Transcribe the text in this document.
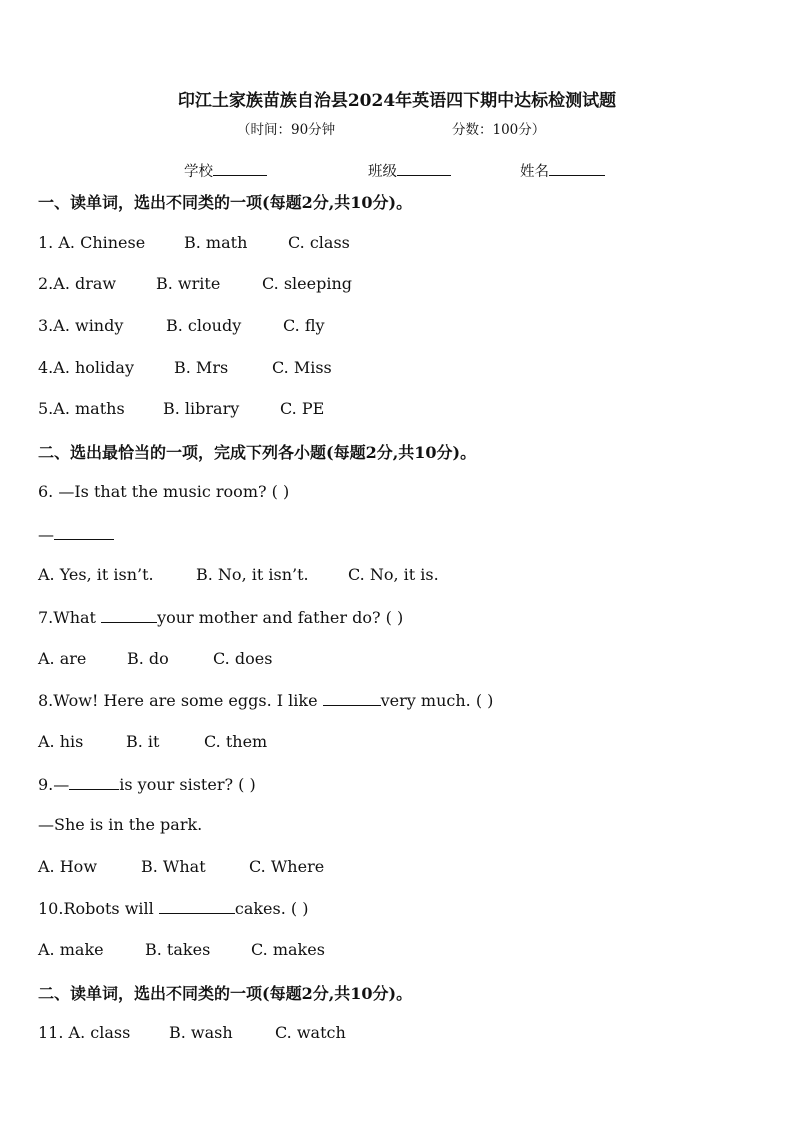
印江土家族苗族自治县2024年英语四下期中达标检测试题
（时间：90分钟	分数：100分）
学校	班级	姓名
一、读单词，选出不同类的一项(每题2分,共10分)。
1. A. Chinese B. math	C. class
2.A. draw B. write	C. sleeping
3.A. windy	B. cloudy	C. fly
4.A. holiday	B. Mrs	C. Miss
5.A. maths B. library	C. PE
二、选出最恰当的一项，完成下列各小题(每题2分,共10分)。
6. —Is that the music room? ( )
—
A. Yes, it isn’t.	B. No, it isn’t. C. No, it is.
7.What	your mother and father do? ( )
A. are	B. do	C. does
8.Wow! Here are some eggs. I like	very much. ( )
A. his	B. it	C. them
9.—	is your sister? ( )
—She is in the park.
A. How	B. What	C. Where
10.Robots will	cakes. ( )
A. make	B. takes	C. makes
二、读单词，选出不同类的一项(每题2分,共10分)。
11. A. class B. wash	C. watch
